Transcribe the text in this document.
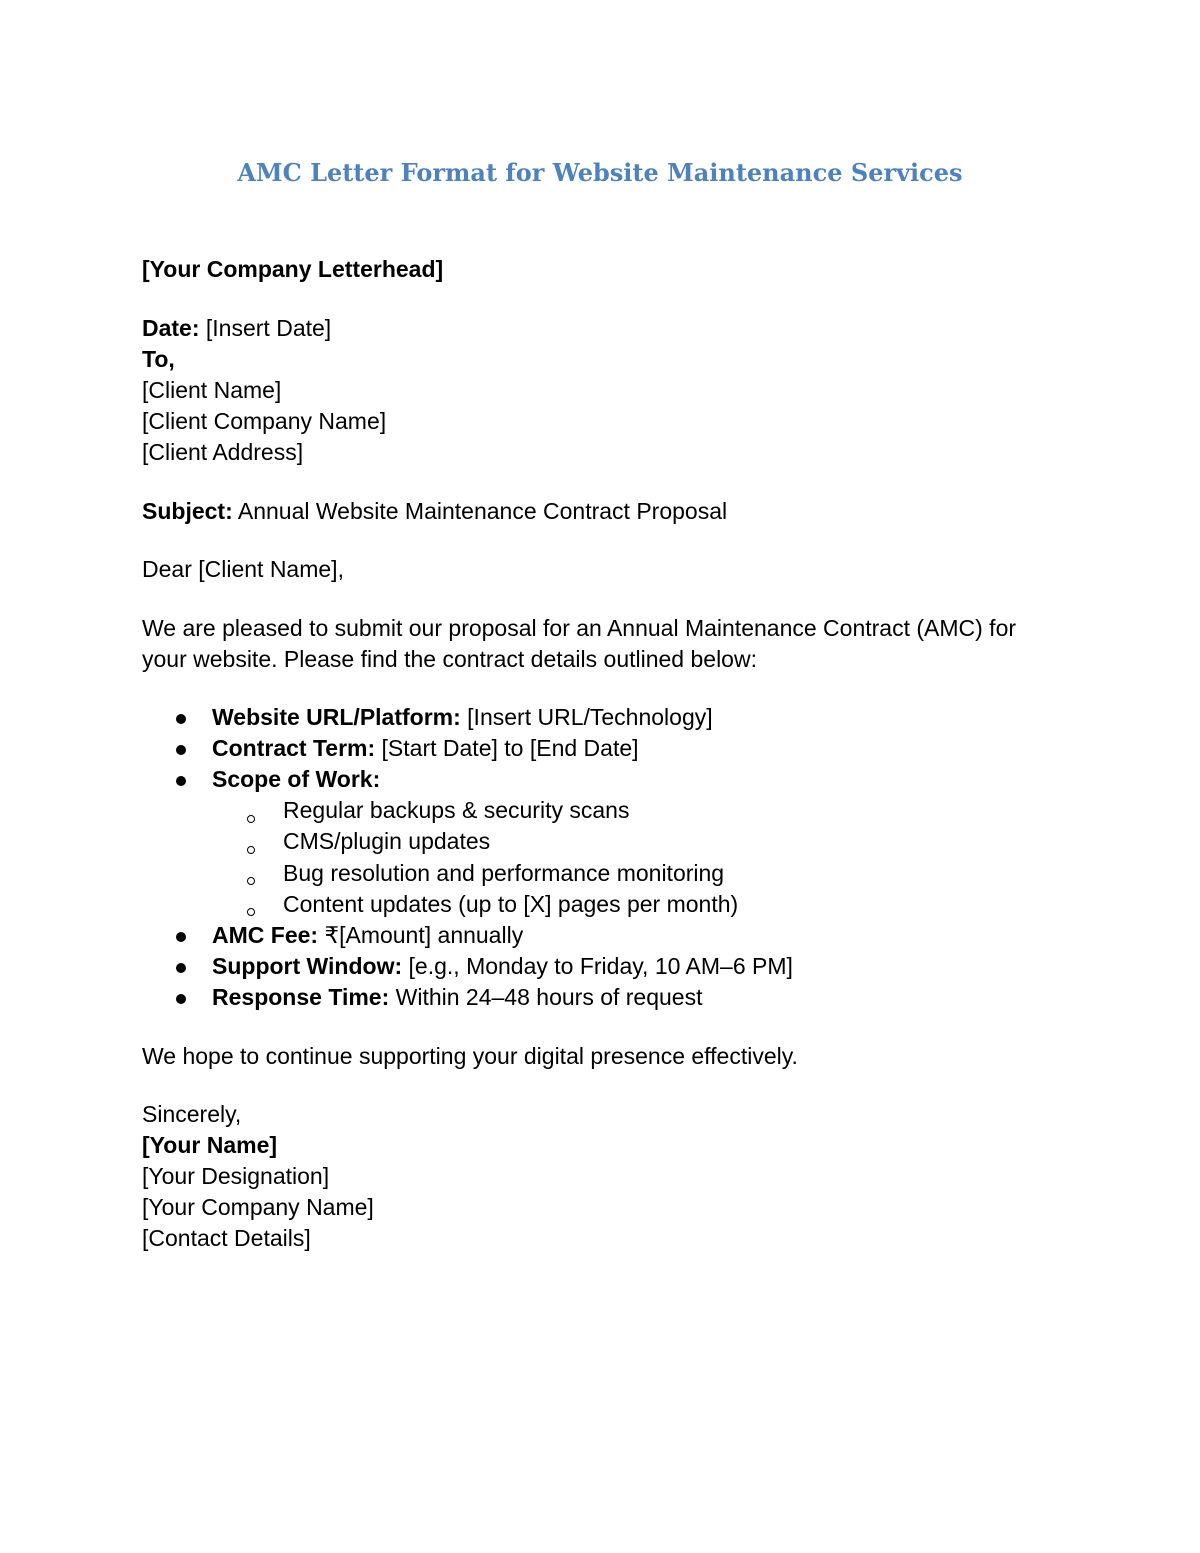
AMC Letter Format for Website Maintenance Services
[Your Company Letterhead]
Date: [Insert Date]
To,
[Client Name]
[Client Company Name]
[Client Address]
Subject: Annual Website Maintenance Contract Proposal
Dear [Client Name],
We are pleased to submit our proposal for an Annual Maintenance Contract (AMC) for
your website. Please find the contract details outlined below:
Website URL/Platform: [Insert URL/Technology]
Contract Term: [Start Date] to [End Date]
Scope of Work:
Regular backups & security scans
CMS/plugin updates
Bug resolution and performance monitoring
Content updates (up to [X] pages per month)
AMC Fee: ₹[Amount] annually
Support Window: [e.g., Monday to Friday, 10 AM–6 PM]
Response Time: Within 24–48 hours of request
We hope to continue supporting your digital presence effectively.
Sincerely,
[Your Name]
[Your Designation]
[Your Company Name]
[Contact Details]
